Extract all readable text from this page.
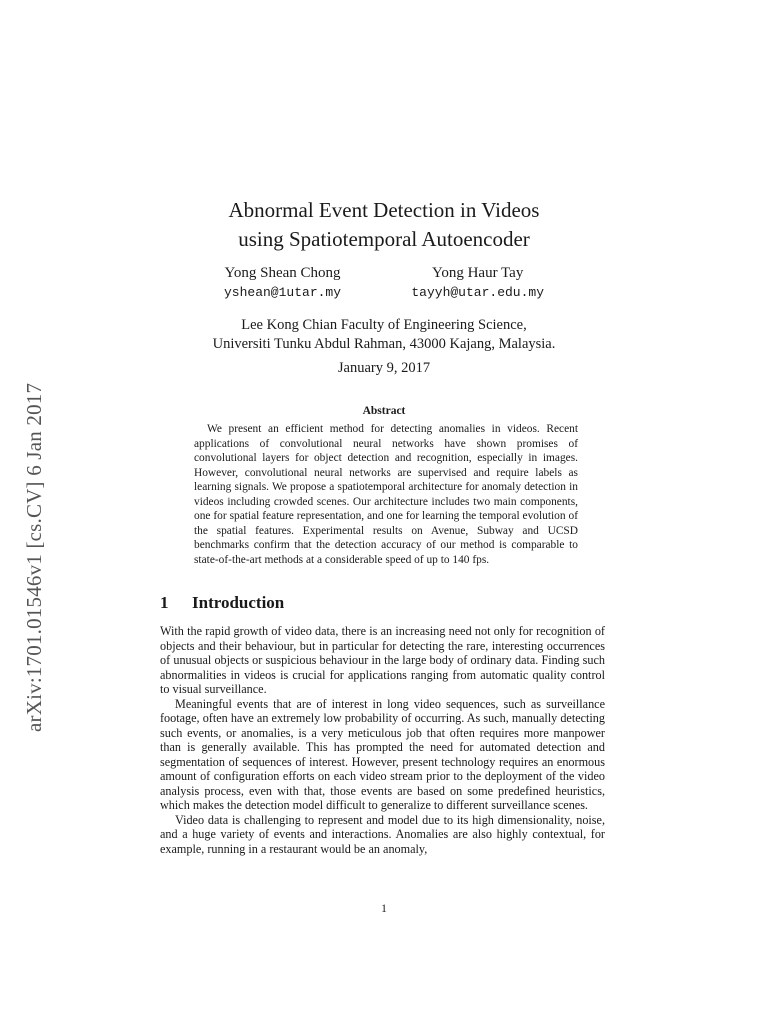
arXiv:1701.01546v1 [cs.CV] 6 Jan 2017
Abnormal Event Detection in Videos
using Spatiotemporal Autoencoder
Yong Shean Chong
yshean@1utar.my
Yong Haur Tay
tayyh@utar.edu.my
Lee Kong Chian Faculty of Engineering Science,
Universiti Tunku Abdul Rahman, 43000 Kajang, Malaysia.
January 9, 2017
Abstract

We present an efficient method for detecting anomalies in videos. Recent applications of convolutional neural networks have shown promises of convolutional layers for object detection and recognition, especially in images. However, convolutional neural networks are supervised and require labels as learning signals. We propose a spatiotemporal architecture for anomaly detection in videos including crowded scenes. Our architecture includes two main components, one for spatial feature representation, and one for learning the temporal evolution of the spatial features. Experimental results on Avenue, Subway and UCSD benchmarks confirm that the detection accuracy of our method is comparable to state-of-the-art methods at a considerable speed of up to 140 fps.

1 Introduction

With the rapid growth of video data, there is an increasing need not only for recognition of objects and their behaviour, but in particular for detecting the rare, interesting occurrences of unusual objects or suspicious behaviour in the large body of ordinary data. Finding such abnormalities in videos is crucial for applications ranging from automatic quality control to visual surveillance.

Meaningful events that are of interest in long video sequences, such as surveillance footage, often have an extremely low probability of occurring. As such, manually detecting such events, or anomalies, is a very meticulous job that often requires more manpower than is generally available. This has prompted the need for automated detection and segmentation of sequences of interest. However, present technology requires an enormous amount of configuration efforts on each video stream prior to the deployment of the video analysis process, even with that, those events are based on some predefined heuristics, which makes the detection model difficult to generalize to different surveillance scenes.

Video data is challenging to represent and model due to its high dimensionality, noise, and a huge variety of events and interactions. Anomalies are also highly contextual, for example, running in a restaurant would be an anomaly,

1
